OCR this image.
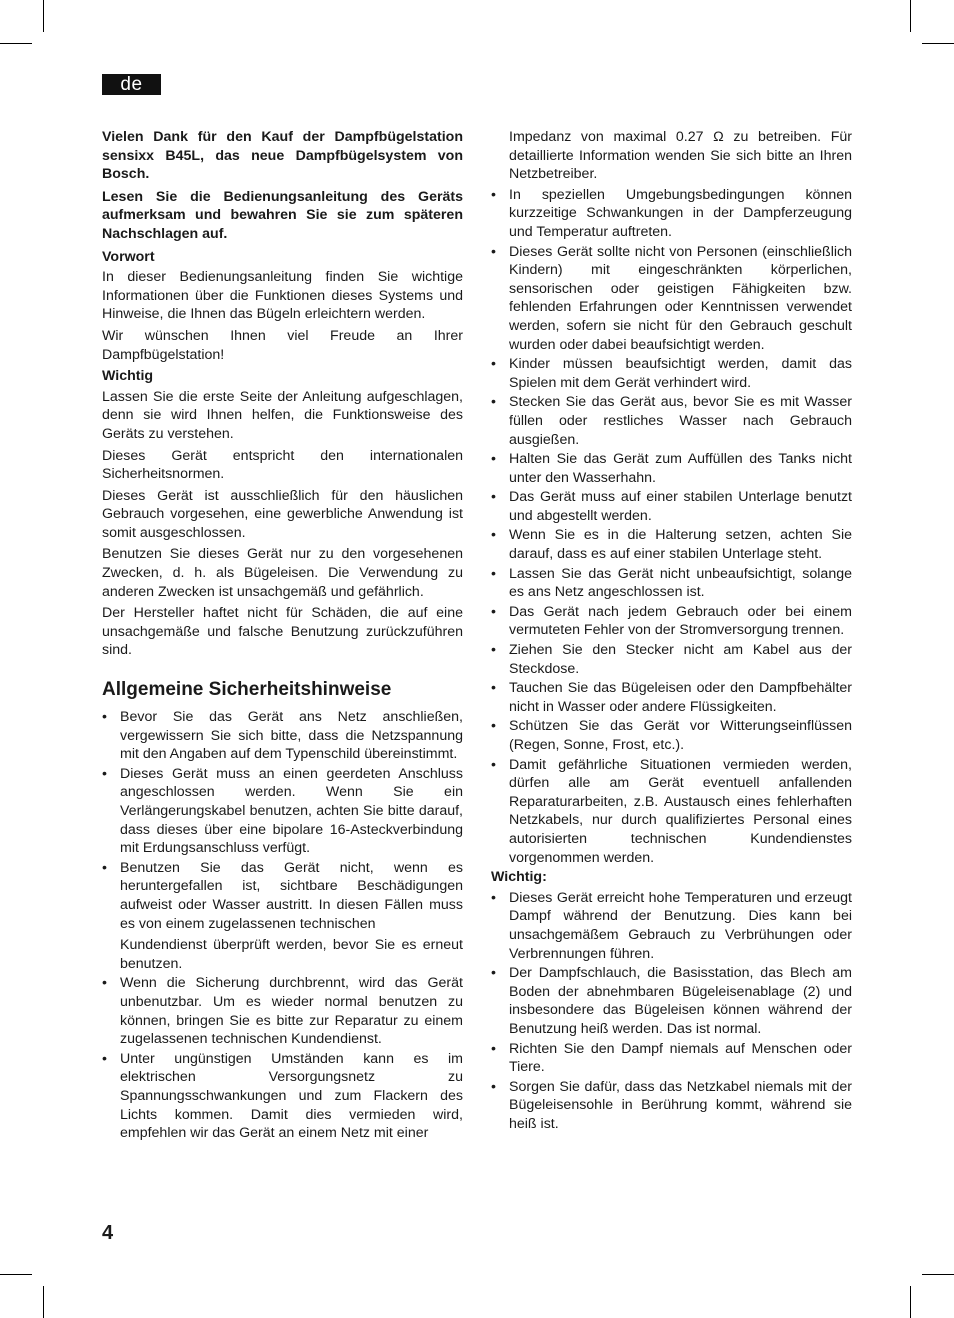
de

Vielen Dank für den Kauf der Dampfbügelstation sensixx B45L, das neue Dampfbügelsystem von Bosch.

Lesen Sie die Bedienungsanleitung des Geräts aufmerksam und bewahren Sie sie zum späteren Nachschlagen auf.

Vorwort

In dieser Bedienungsanleitung finden Sie wichtige Informationen über die Funktionen dieses Systems und Hinweise, die Ihnen das Bügeln erleichtern werden.

Wir wünschen Ihnen viel Freude an Ihrer Dampfbügelstation!

Wichtig

Lassen Sie die erste Seite der Anleitung aufgeschlagen, denn sie wird Ihnen helfen, die Funktionsweise des Geräts zu verstehen.

Dieses Gerät entspricht den internationalen Sicherheitsnormen.

Dieses Gerät ist ausschließlich für den häuslichen Gebrauch vorgesehen, eine gewerbliche Anwendung ist somit ausgeschlossen.

Benutzen Sie dieses Gerät nur zu den vorgesehenen Zwecken, d. h. als Bügeleisen. Die Verwendung zu anderen Zwecken ist unsachgemäß und gefährlich.

Der Hersteller haftet nicht für Schäden, die auf eine unsachgemäße und falsche Benutzung zurückzuführen sind.

Allgemeine Sicherheitshinweise
• Bevor Sie das Gerät ans Netz anschließen, vergewissern Sie sich bitte, dass die Netzspannung mit den Angaben auf dem Typenschild übereinstimmt.
• Dieses Gerät muss an einen geerdeten Anschluss angeschlossen werden. Wenn Sie ein Verlängerungskabel benutzen, achten Sie bitte darauf, dass dieses über eine bipolare 16-Asteckverbindung mit Erdungsanschluss verfügt.
• Benutzen Sie das Gerät nicht, wenn es heruntergefallen ist, sichtbare Beschädigungen aufweist oder Wasser austritt. In diesen Fällen muss es von einem zugelassenen technischen
Kundendienst überprüft werden, bevor Sie es erneut benutzen.
• Wenn die Sicherung durchbrennt, wird das Gerät unbenutzbar. Um es wieder normal benutzen zu können, bringen Sie es bitte zur Reparatur zu einem zugelassenen technischen Kundendienst.
• Unter ungünstigen Umständen kann es im elektrischen Versorgungsnetz zu Spannungsschwankungen und zum Flackern des Lichts kommen. Damit dies vermieden wird, empfehlen wir das Gerät an einem Netz mit einer

Impedanz von maximal 0.27 Ω zu betreiben. Für detaillierte Information wenden Sie sich bitte an Ihren Netzbetreiber.

• In speziellen Umgebungsbedingungen können kurzzeitige Schwankungen in der Dampferzeugung und Temperatur auftreten.
• Dieses Gerät sollte nicht von Personen (einschließlich Kindern) mit eingeschränkten körperlichen, sensorischen oder geistigen Fähigkeiten bzw. fehlenden Erfahrungen oder Kenntnissen verwendet werden, sofern sie nicht für den Gebrauch geschult wurden oder dabei beaufsichtigt werden.
• Kinder müssen beaufsichtigt werden, damit das Spielen mit dem Gerät verhindert wird.
• Stecken Sie das Gerät aus, bevor Sie es mit Wasser füllen oder restliches Wasser nach Gebrauch ausgießen.
• Halten Sie das Gerät zum Auffüllen des Tanks nicht unter den Wasserhahn.
• Das Gerät muss auf einer stabilen Unterlage benutzt und abgestellt werden.
• Wenn Sie es in die Halterung setzen, achten Sie darauf, dass es auf einer stabilen Unterlage steht.
• Lassen Sie das Gerät nicht unbeaufsichtigt, solange es ans Netz angeschlossen ist.
• Das Gerät nach jedem Gebrauch oder bei einem vermuteten Fehler von der Stromversorgung trennen.
• Ziehen Sie den Stecker nicht am Kabel aus der Steckdose.
• Tauchen Sie das Bügeleisen oder den Dampfbehälter nicht in Wasser oder andere Flüssigkeiten.
• Schützen Sie das Gerät vor Witterungseinflüssen (Regen, Sonne, Frost, etc.).
• Damit gefährliche Situationen vermieden werden, dürfen alle am Gerät eventuell anfallenden Reparaturarbeiten, z.B. Austausch eines fehlerhaften Netzkabels, nur durch qualifiziertes Personal eines autorisierten technischen Kundendienstes vorgenommen werden.
Wichtig:
• Dieses Gerät erreicht hohe Temperaturen und erzeugt Dampf während der Benutzung. Dies kann bei unsachgemäßem Gebrauch zu Verbrühungen oder Verbrennungen führen.
• Der Dampfschlauch, die Basisstation, das Blech am Boden der abnehmbaren Bügeleisenablage (2) und insbesondere das Bügeleisen können während der Benutzung heiß werden. Das ist normal.
• Richten Sie den Dampf niemals auf Menschen oder Tiere.
• Sorgen Sie dafür, dass das Netzkabel niemals mit der Bügeleisensohle in Berührung kommt, während sie heiß ist.
4
